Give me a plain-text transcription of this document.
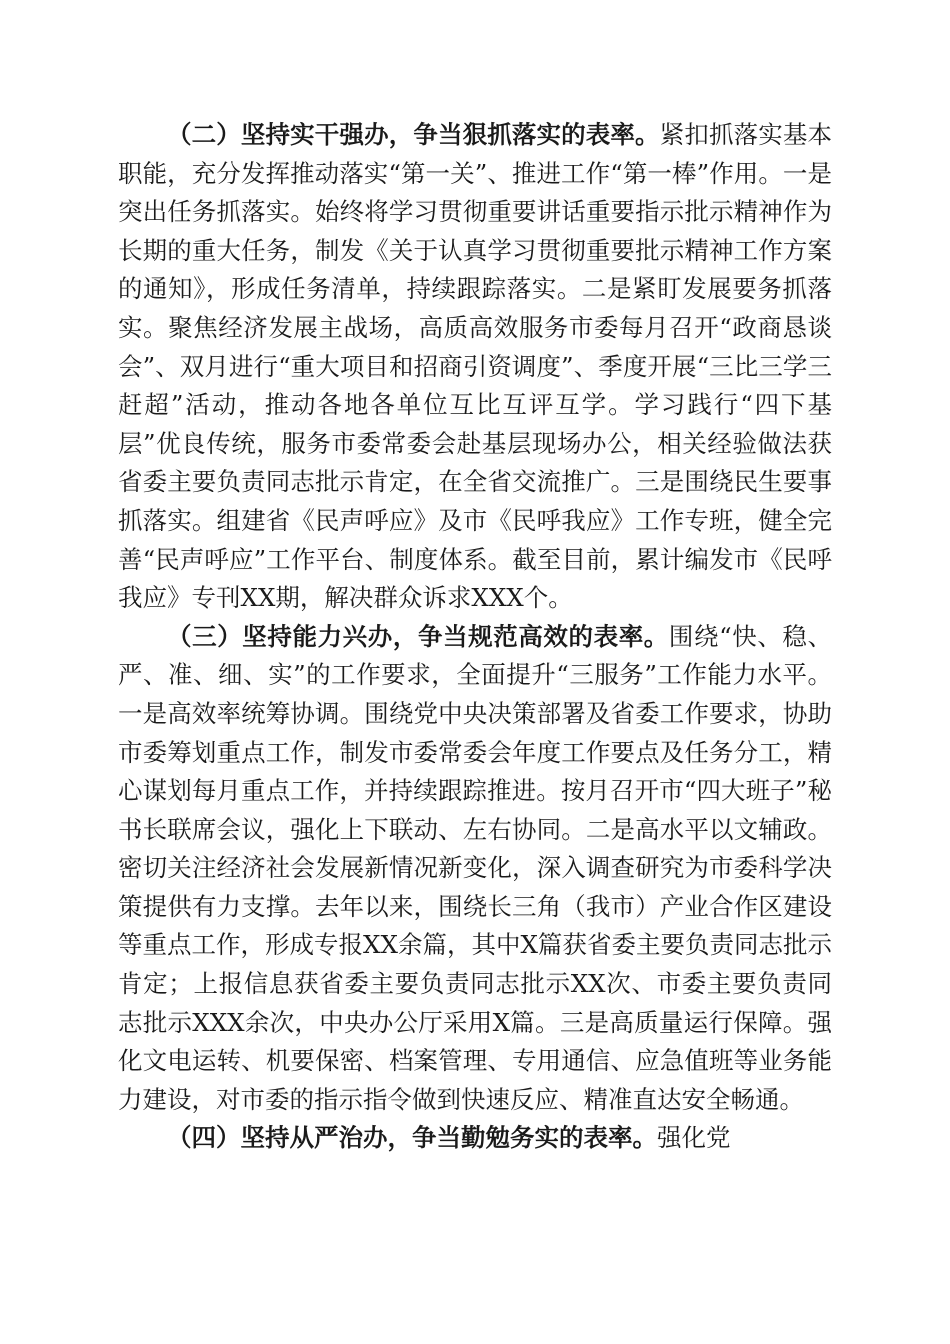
（二）坚持实干强办，争当狠抓落实的表率。紧扣抓落实基本职能，充分发挥推动落实“第一关”、推进工作“第一棒”作用。一是突出任务抓落实。始终将学习贯彻重要讲话重要指示批示精神作为长期的重大任务，制发《关于认真学习贯彻重要批示精神工作方案的通知》，形成任务清单，持续跟踪落实。二是紧盯发展要务抓落实。聚焦经济发展主战场，高质高效服务市委每月召开“政商恳谈会”、双月进行“重大项目和招商引资调度”、季度开展“三比三学三赶超”活动，推动各地各单位互比互评互学。学习践行“四下基层”优良传统，服务市委常委会赴基层现场办公，相关经验做法获省委主要负责同志批示肯定，在全省交流推广。三是围绕民生要事抓落实。组建省《民声呼应》及市《民呼我应》工作专班，健全完善“民声呼应”工作平台、制度体系。截至目前，累计编发市《民呼我应》专刊XX期，解决群众诉求XXX个。

（三）坚持能力兴办，争当规范高效的表率。围绕“快、稳、严、准、细、实”的工作要求，全面提升“三服务”工作能力水平。一是高效率统筹协调。围绕党中央决策部署及省委工作要求，协助市委筹划重点工作，制发市委常委会年度工作要点及任务分工，精心谋划每月重点工作，并持续跟踪推进。按月召开市“四大班子”秘书长联席会议，强化上下联动、左右协同。二是高水平以文辅政。密切关注经济社会发展新情况新变化，深入调查研究为市委科学决策提供有力支撑。去年以来，围绕长三角（我市）产业合作区建设等重点工作，形成专报XX余篇，其中X篇获省委主要负责同志批示肯定；上报信息获省委主要负责同志批示XX次、市委主要负责同志批示XXX余次，中央办公厅采用X篇。三是高质量运行保障。强化文电运转、机要保密、档案管理、专用通信、应急值班等业务能力建设，对市委的指示指令做到快速反应、精准直达安全畅通。

（四）坚持从严治办，争当勤勉务实的表率。强化党
